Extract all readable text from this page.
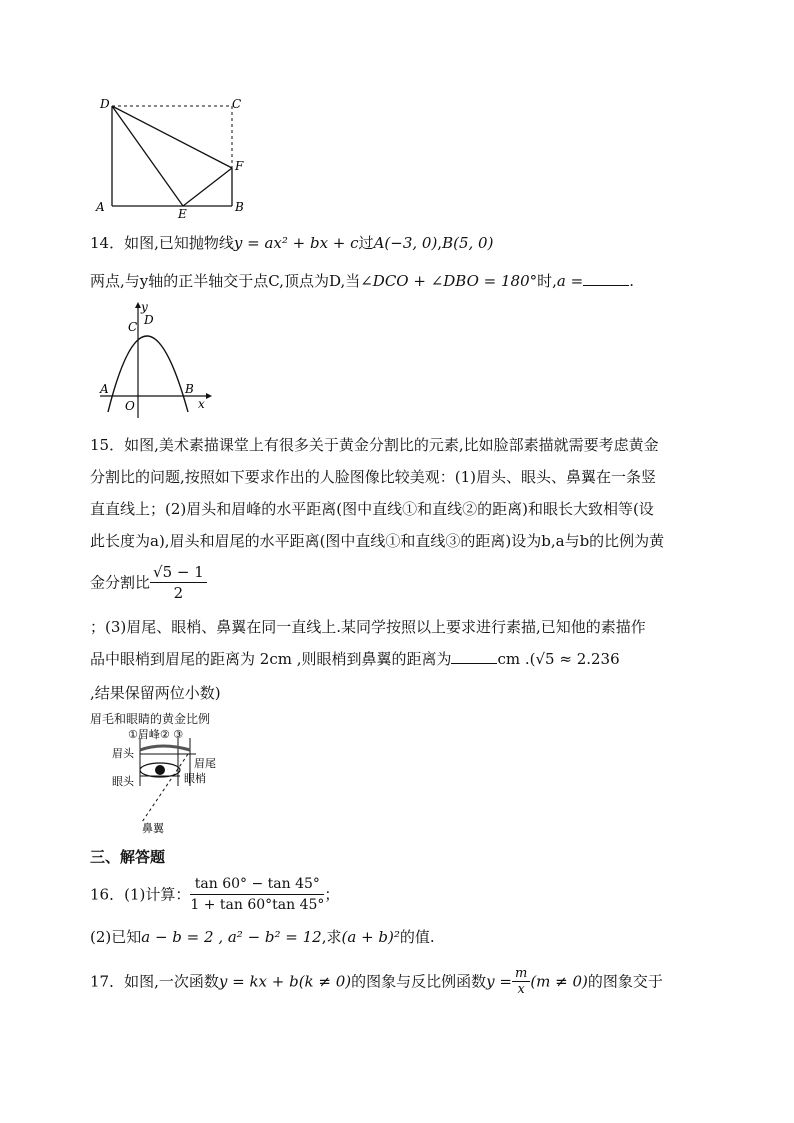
D	C
F
A	E	B
14．如图,已知抛物线y = ax² + bx + c过A(−3, 0),B(5, 0)
两点,与y轴的正半轴交于点C,顶点为D,当∠DCO + ∠DBO = 180°时,a =	.
y
D
C
A	B
O	x
15．如图,美术素描课堂上有很多关于黄金分割比的元素,比如脸部素描就需要考虑黄金
分割比的问题,按照如下要求作出的人脸图像比较美观：(1)眉头、眼头、鼻翼在一条竖
直直线上；(2)眉头和眉峰的水平距离(图中直线①和直线②的距离)和眼长大致相等(设
此长度为a),眉头和眉尾的水平距离(图中直线①和直线③的距离)设为b,a与b的比例为黄
金分割比 $\frac{√5 - 1}{2}$
；(3)眉尾、眼梢、鼻翼在同一直线上.某同学按照以上要求进行素描,已知他的素描作
品中眼梢到眉尾的距离为 2cm ,则眼梢到鼻翼的距离为	cm .(√5 ≈ 2.236
,结果保留两位小数)
眉毛和眼睛的黄金比例
①眉峰② ③
眉头
眉尾
眼头	眼梢
鼻翼
三、解答题
16．(1)计算： $\frac{\tan 60^\circ - \tan 45^\circ}{1 + \tan 60^\circ\tan 45^\circ}$ ；
(2)已知a − b = 2 , a² − b² = 12,求(a + b)²的值.
17．如图,一次函数y = kx + b(k ≠ 0)的图象与反比例函数$y = \frac{m}{x} (m \ne 0)$的图象交于
